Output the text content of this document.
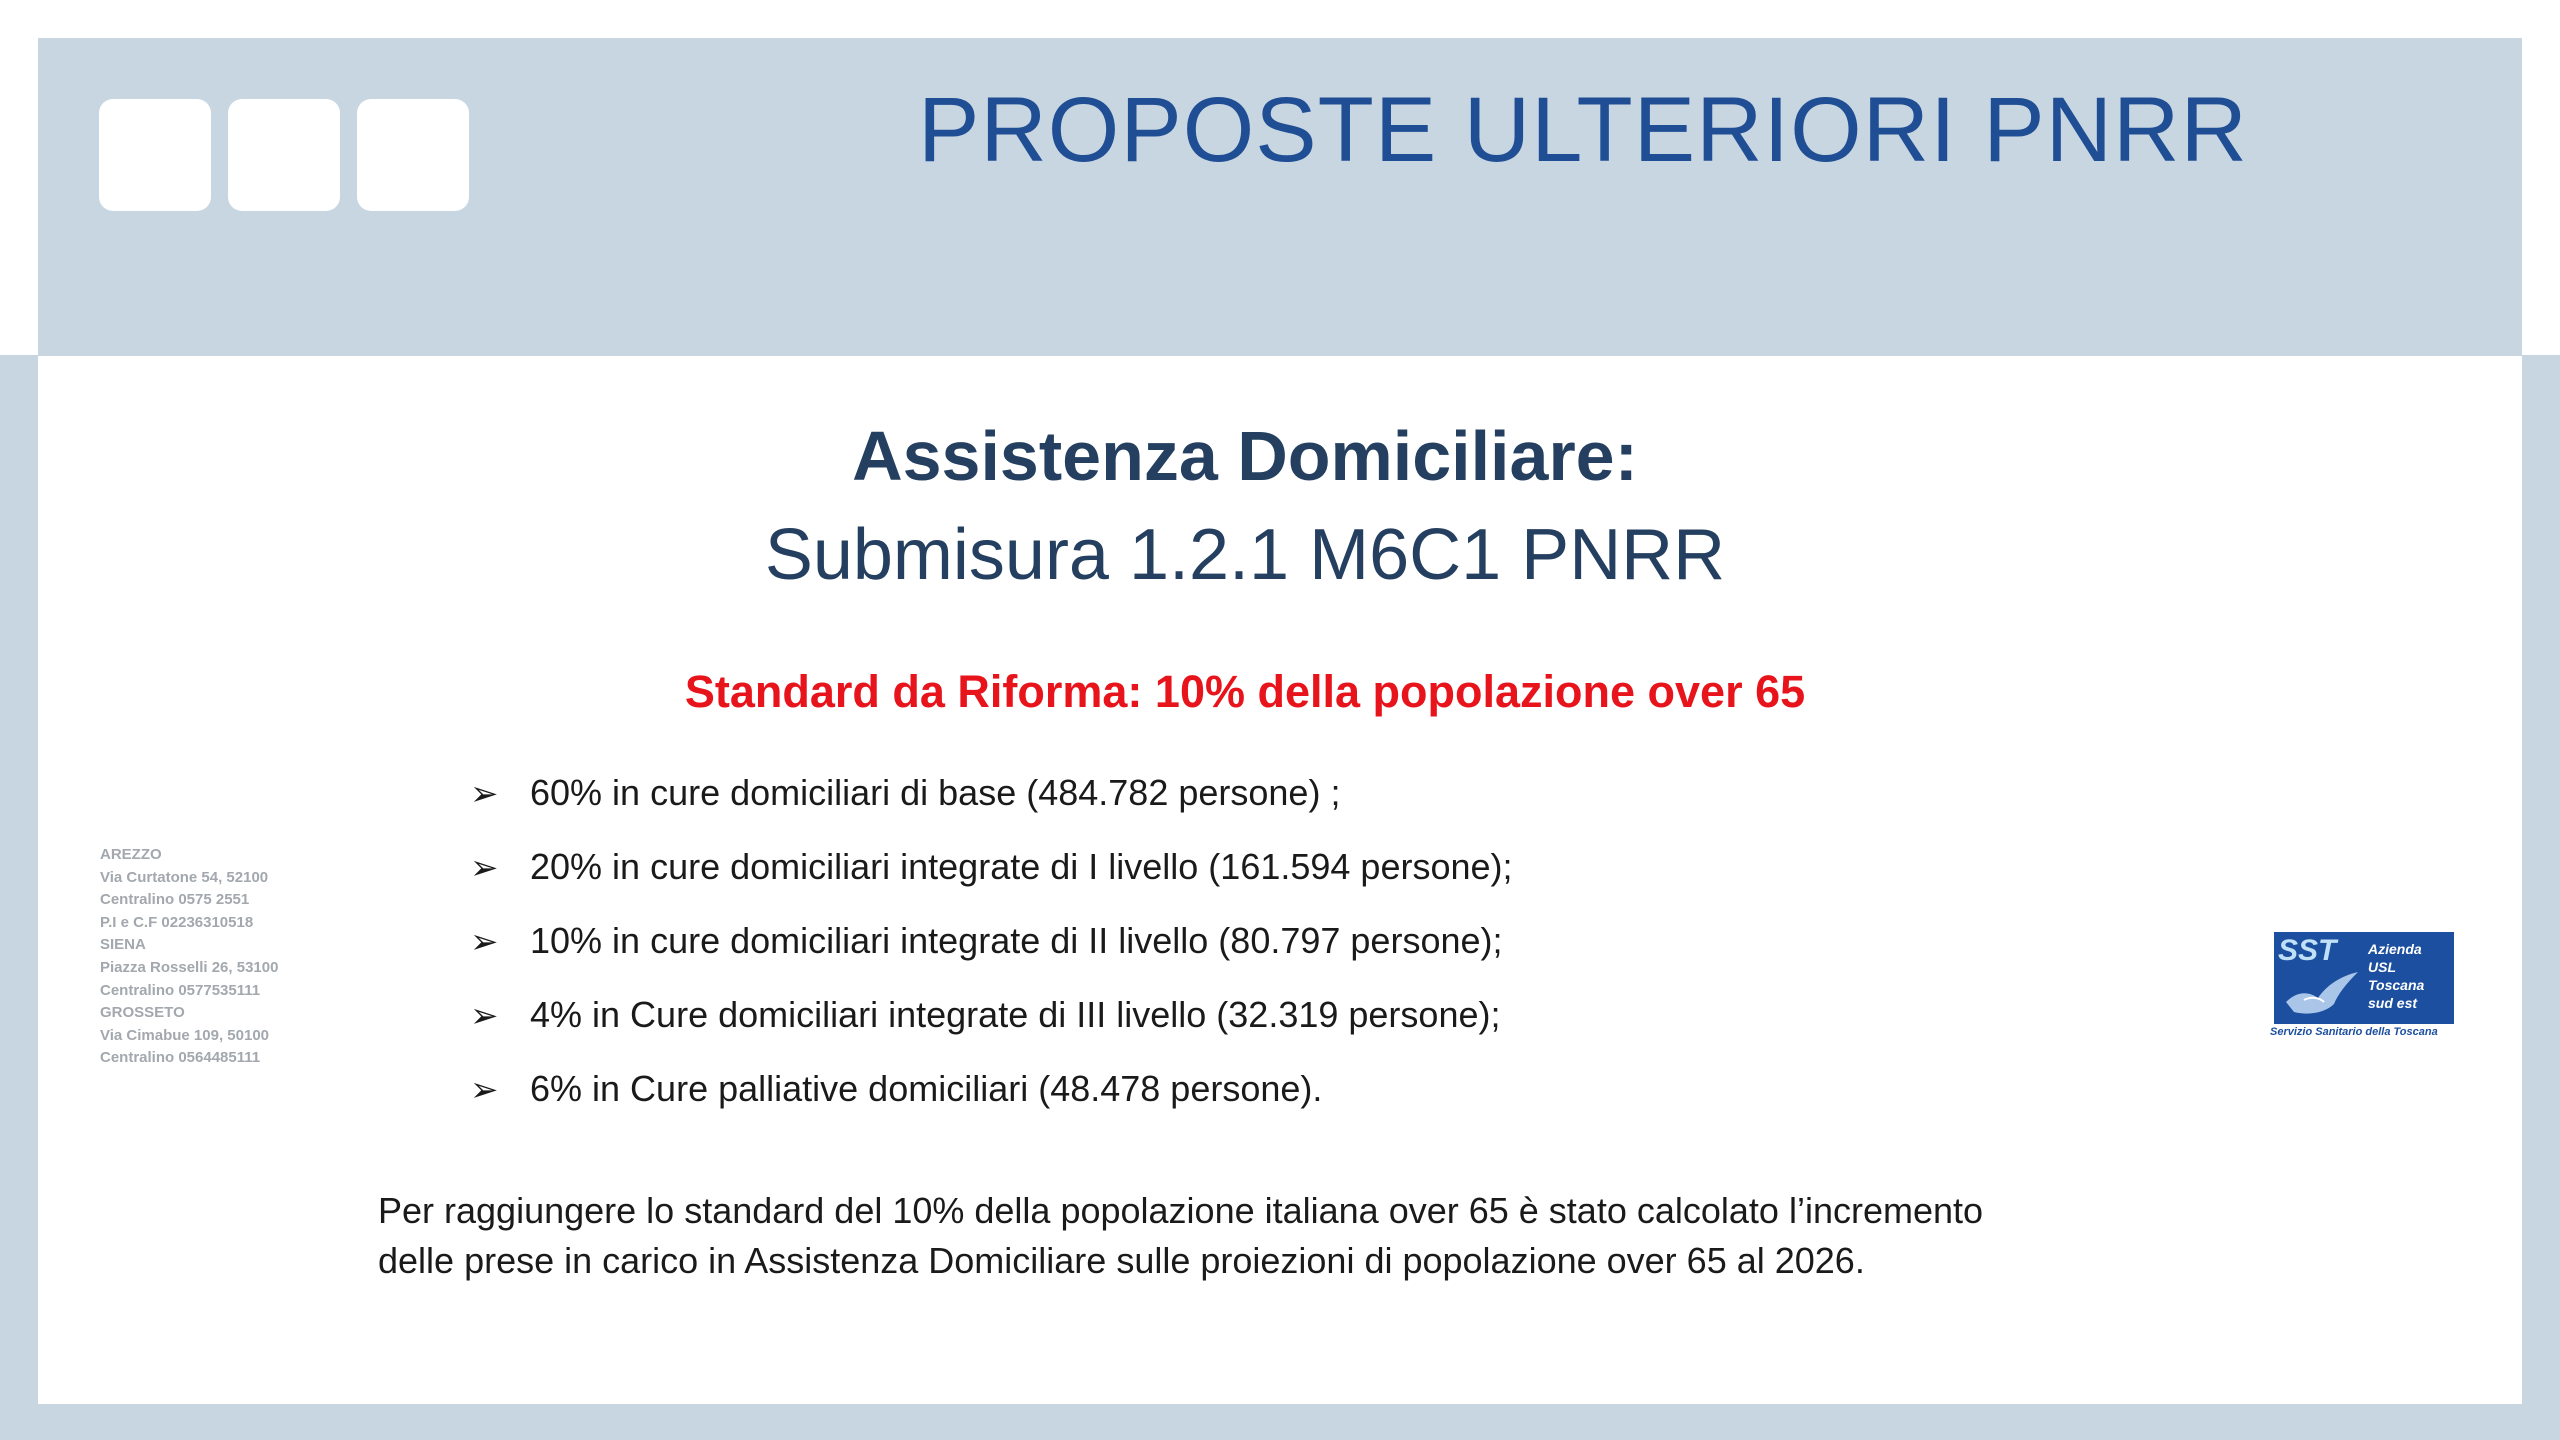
PROPOSTE ULTERIORI PNRR
Assistenza Domiciliare:
Submisura 1.2.1 M6C1 PNRR
Standard da Riforma: 10% della popolazione over 65
➢ 60% in cure domiciliari di base (484.782 persone) ;
➢ 20% in cure domiciliari integrate di I livello (161.594 persone);
➢ 10% in cure domiciliari integrate di II livello (80.797 persone);
➢ 4% in Cure domiciliari integrate di III livello (32.319 persone);
➢ 6% in Cure palliative domiciliari (48.478 persone).

Per raggiungere lo standard del 10% della popolazione italiana over 65 è stato calcolato l’incremento

delle prese in carico in Assistenza Domiciliare sulle proiezioni di popolazione over 65 al 2026.

AREZZO
Via Curtatone 54, 52100
Centralino 0575 2551
P.I e C.F 02236310518
SIENA
Piazza Rosselli 26, 53100
Centralino 0577535111
GROSSETO
Via Cimabue 109, 50100
Centralino 0564485111
SST Azienda
USL
Toscana
sud est
Servizio Sanitario della Toscana
